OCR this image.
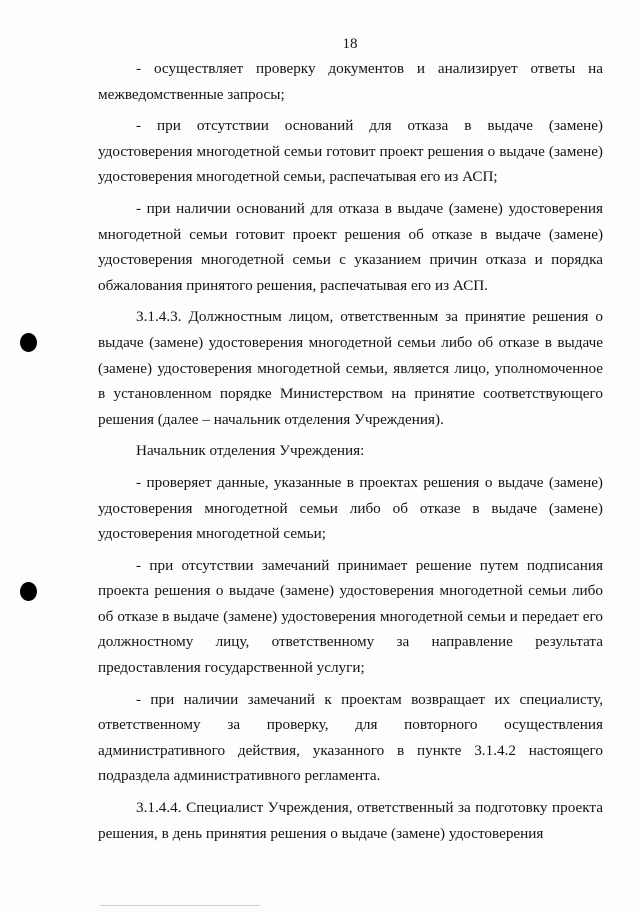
18

- осуществляет проверку документов и анализирует ответы на межведомственные запросы;

- при отсутствии оснований для отказа в выдаче (замене) удостоверения многодетной семьи готовит проект решения о выдаче (замене) удостоверения многодетной семьи, распечатывая его из АСП;

- при наличии оснований для отказа в выдаче (замене) удостоверения многодетной семьи готовит проект решения об отказе в выдаче (замене) удостоверения многодетной семьи с указанием причин отказа и порядка обжалования принятого решения, распечатывая его из АСП.

3.1.4.3. Должностным лицом, ответственным за принятие решения о выдаче (замене) удостоверения многодетной семьи либо об отказе в выдаче (замене) удостоверения многодетной семьи, является лицо, уполномоченное в установленном порядке Министерством на принятие соответствующего решения (далее – начальник отделения Учреждения).

Начальник отделения Учреждения:

- проверяет данные, указанные в проектах решения о выдаче (замене) удостоверения многодетной семьи либо об отказе в выдаче (замене) удостоверения многодетной семьи;

- при отсутствии замечаний принимает решение путем подписания проекта решения о выдаче (замене) удостоверения многодетной семьи либо об отказе в выдаче (замене) удостоверения многодетной семьи и передает его должностному лицу, ответственному за направление результата предоставления государственной услуги;

- при наличии замечаний к проектам возвращает их специалисту, ответственному за проверку, для повторного осуществления административного действия, указанного в пункте 3.1.4.2 настоящего подраздела административного регламента.

3.1.4.4. Специалист Учреждения, ответственный за подготовку проекта решения, в день принятия решения о выдаче (замене) удостоверения
